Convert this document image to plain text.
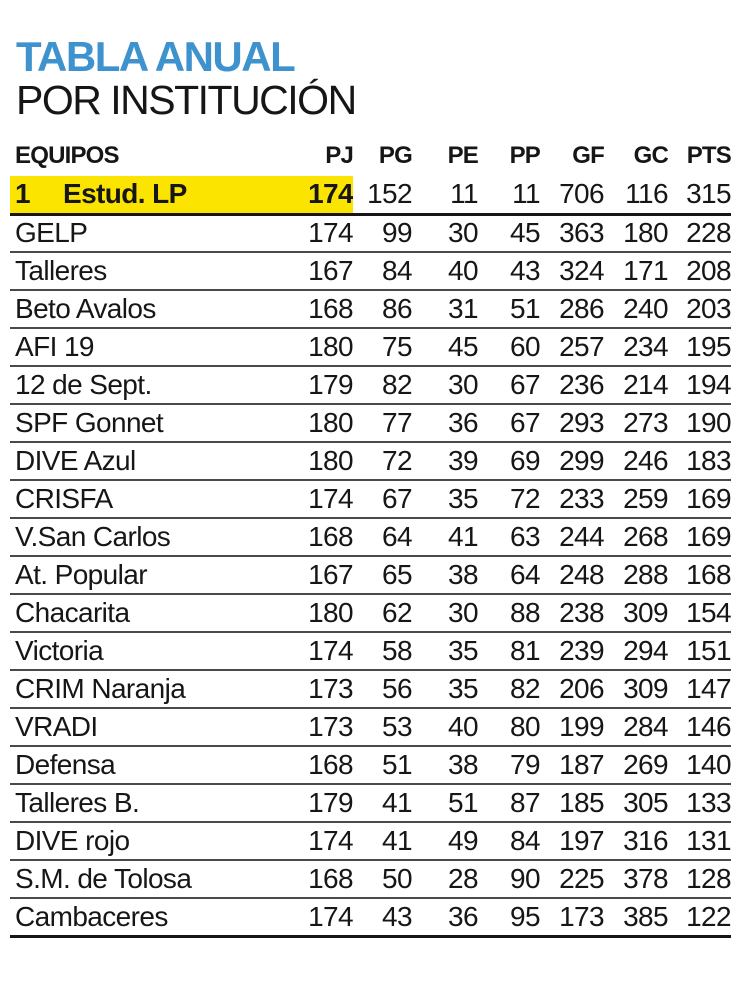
TABLA ANUAL
POR INSTITUCIÓN
EQUIPOS	PJ	PG	PE	PP	GF	GC	PTS
1 Estud. LP	174	152	11	11	706	116	315
GELP	174	99	30	45	363	180	228
Talleres	167	84	40	43	324	171	208
Beto Avalos	168	86	31	51	286	240	203
AFI 19	180	75	45	60	257	234	195
12 de Sept.	179	82	30	67	236	214	194
SPF Gonnet	180	77	36	67	293	273	190
DIVE Azul	180	72	39	69	299	246	183
CRISFA	174	67	35	72	233	259	169
V.San Carlos	168	64	41	63	244	268	169
At. Popular	167	65	38	64	248	288	168
Chacarita	180	62	30	88	238	309	154
Victoria	174	58	35	81	239	294	151
CRIM Naranja	173	56	35	82	206	309	147
VRADI	173	53	40	80	199	284	146
Defensa	168	51	38	79	187	269	140
Talleres B.	179	41	51	87	185	305	133
DIVE rojo	174	41	49	84	197	316	131
S.M. de Tolosa	168	50	28	90	225	378	128
Cambaceres	174	43	36	95	173	385	122
